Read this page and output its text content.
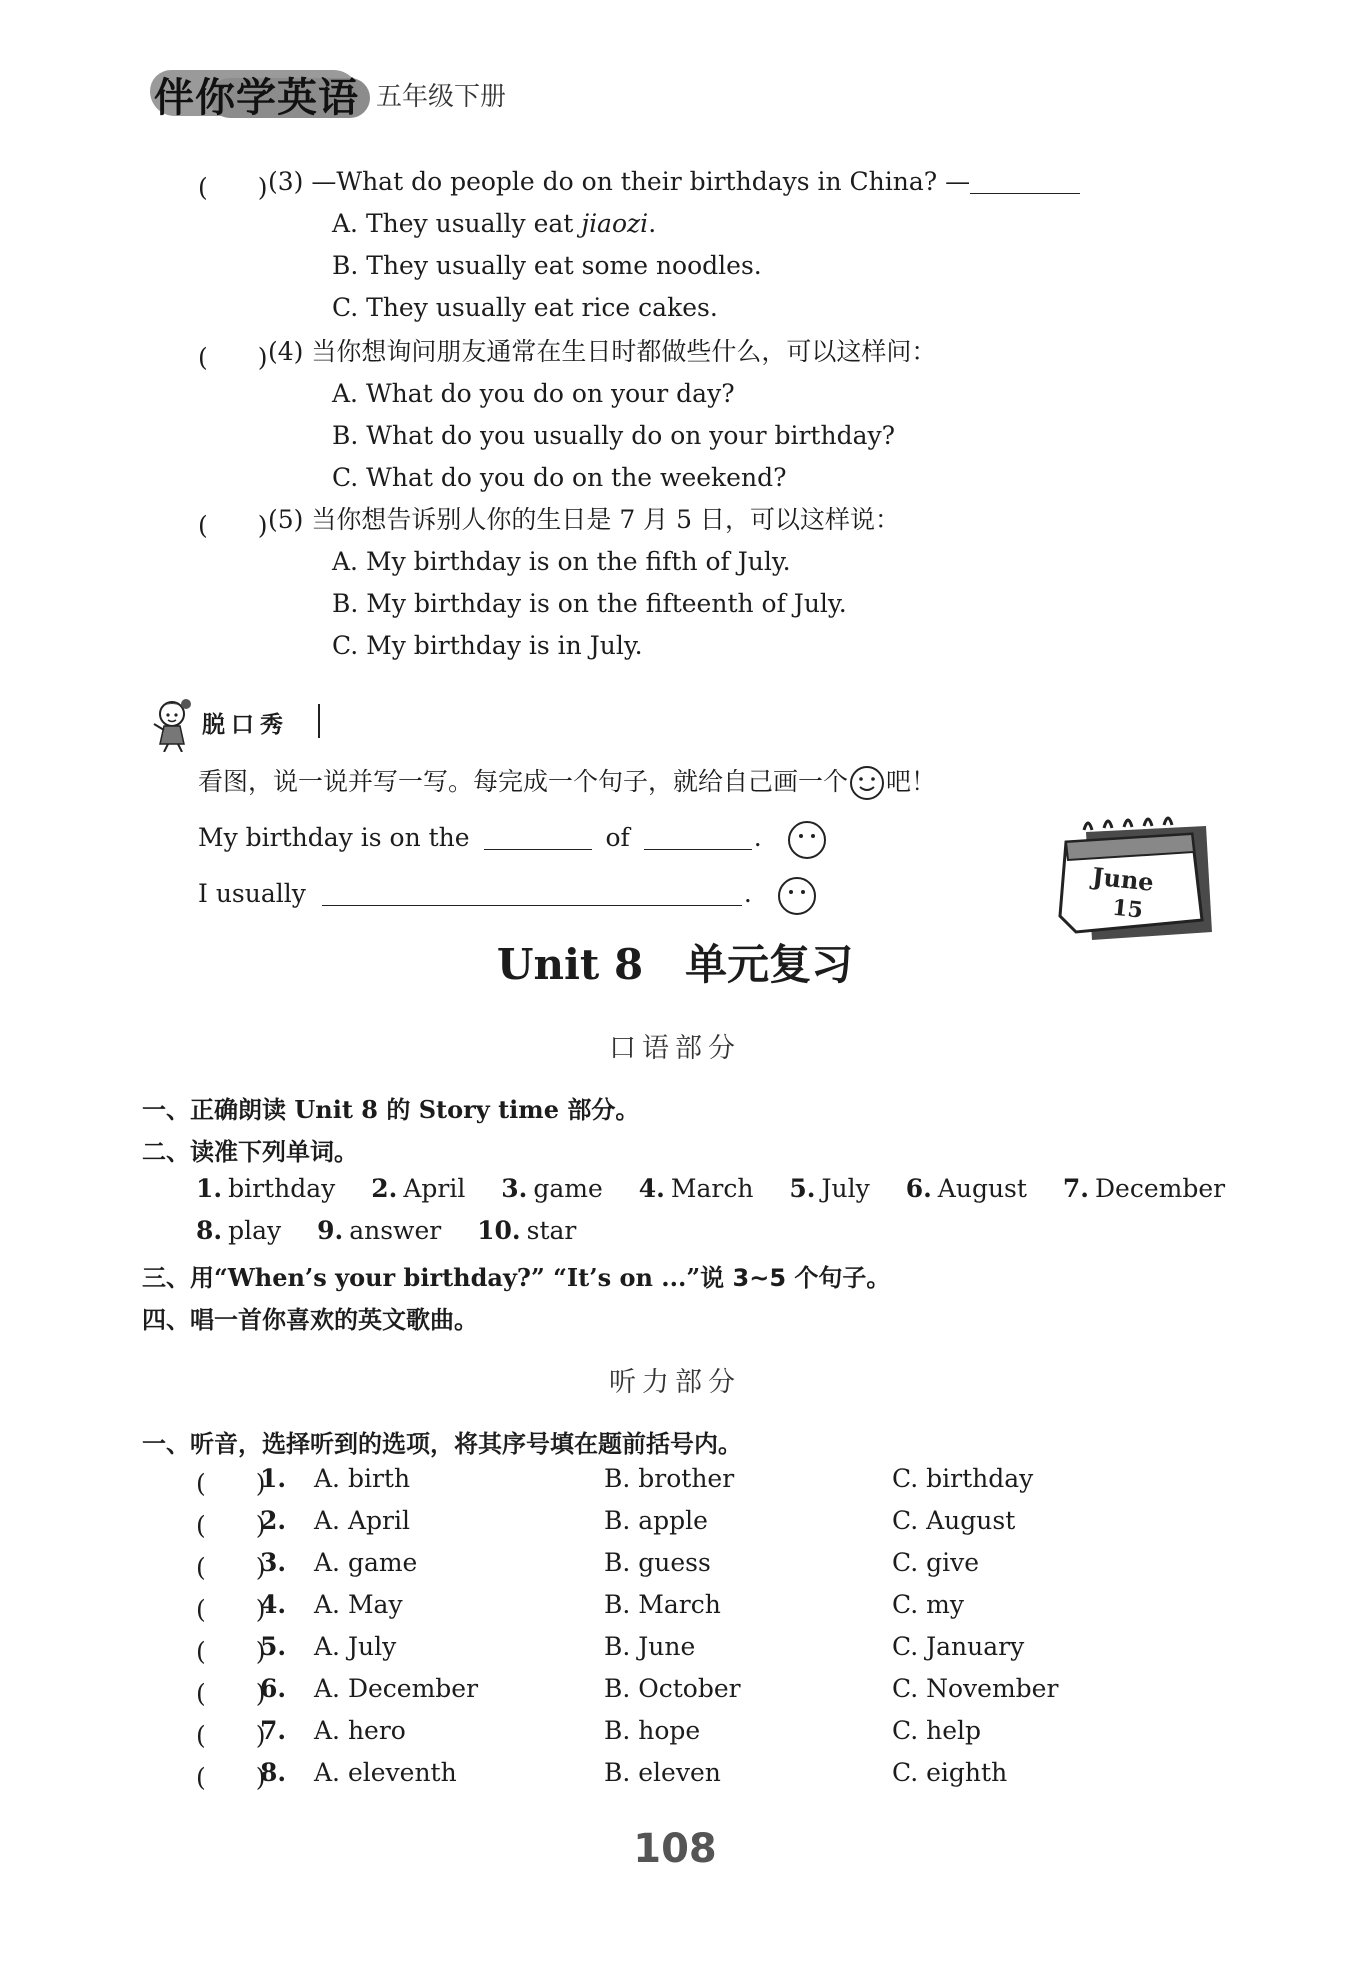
伴你学英语 五年级下册
(　　) (3) —What do people do on their birthdays in China? —
A. They usually eat jiaozi.
B. They usually eat some noodles.
C. They usually eat rice cakes.
(　　) (4) 当你想询问朋友通常在生日时都做些什么，可以这样问：
A. What do you do on your day?
B. What do you usually do on your birthday?
C. What do you do on the weekend?
(　　) (5) 当你想告诉别人你的生日是 7 月 5 日，可以这样说：
A. My birthday is on the fifth of July.
B. My birthday is on the fifteenth of July.
C. My birthday is in July.
脱口秀
看图，说一说并写一写。每完成一个句子，就给自己画一个 吧！
My birthday is on the	of	.
I usually	.	June
15
Unit 8　单元复习
口语部分
一、正确朗读 Unit 8 的 Story time 部分。
二、读准下列单词。
1. birthday 2. April 3. game 4. March 5. July 6. August 7. December
8. play 9. answer 10. star
三、用“When’s your birthday?” “It’s on ...”说 3~5 个句子。
四、唱一首你喜欢的英文歌曲。
听力部分
一、听音，选择听到的选项，将其序号填在题前括号内。
(　　)
1. A. birth	B. brother	C. birthday
(　　)
2. A. April	B. apple	C. August
(　　)
3. A. game	B. guess	C. give
(　　)
4. A. May	B. March	C. my
(　　)
5. A. July	B. June	C. January
(　　)
6. A. December	B. October	C. November
(　　)
7. A. hero	B. hope	C. help
(　　)
8. A. eleventh	B. eleven	C. eighth
108
